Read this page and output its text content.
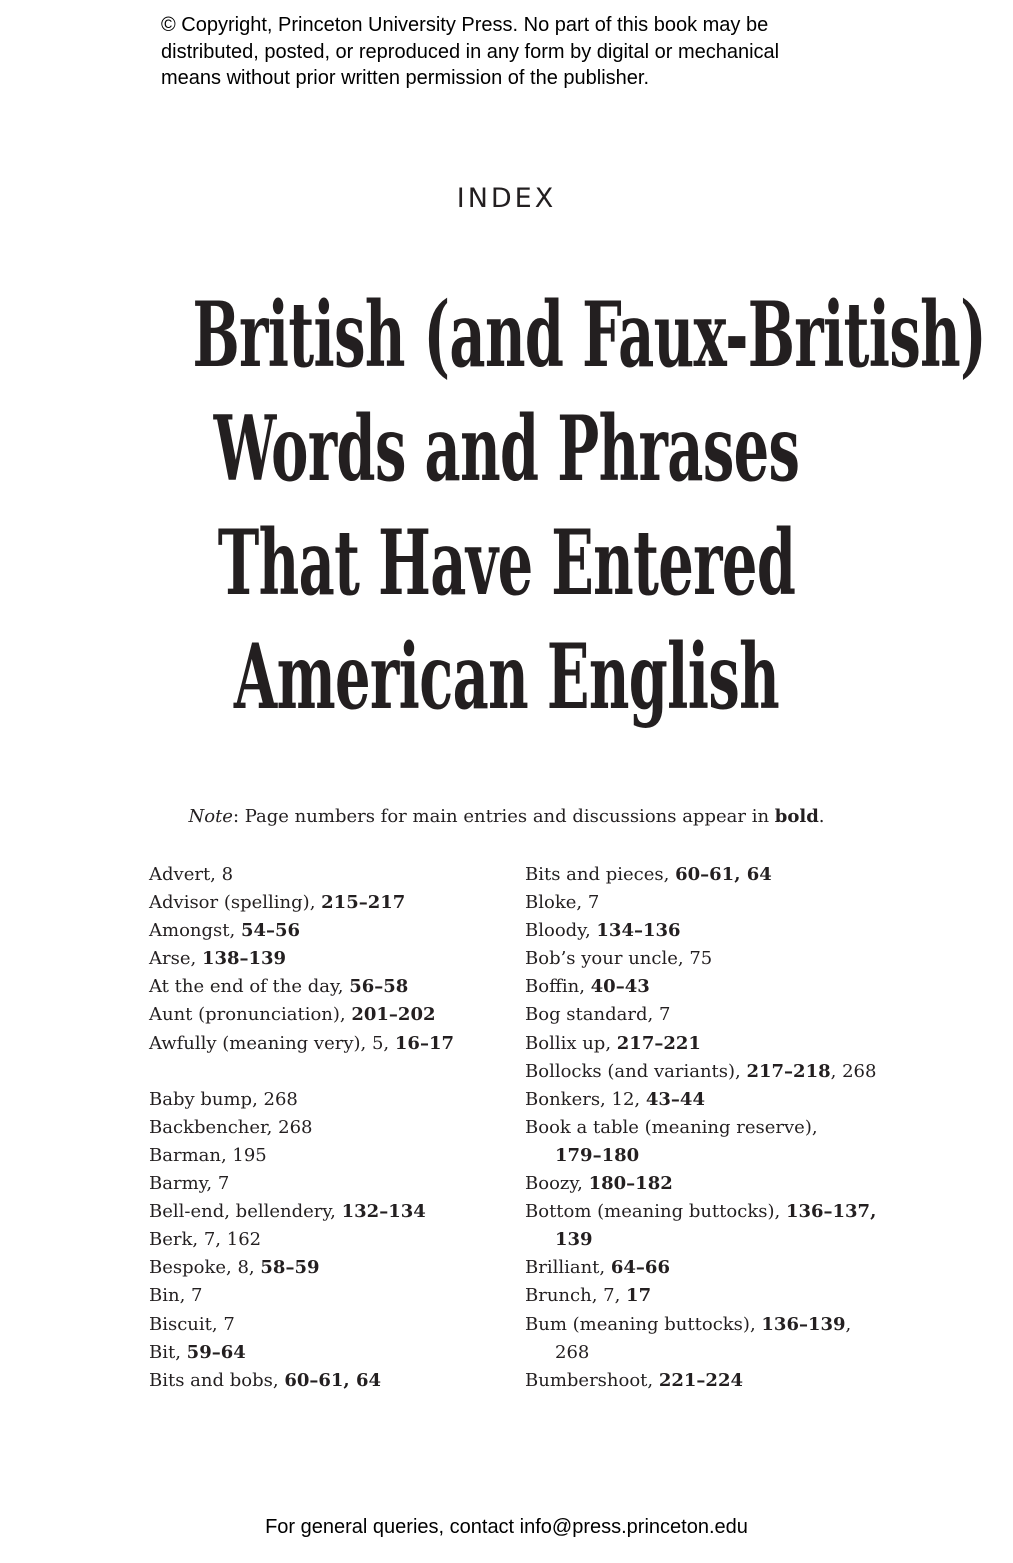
© Copyright, Princeton University Press. No part of this book may be
distributed, posted, or reproduced in any form by digital or mechanical
means without prior written permission of the publisher.
INDEX
British (and Faux-British)
Words and Phrases
That Have Entered
American English
Note: Page numbers for main entries and discussions appear in bold.
Advert, 8
Advisor (spelling), 215–217
Amongst, 54–56
Arse, 138–139
At the end of the day, 56–58
Aunt (pronunciation), 201–202
Awfully (meaning very), 5, 16–17
Baby bump, 268
Backbencher, 268
Barman, 195
Barmy, 7
Bell-end, bellendery, 132–134
Berk, 7, 162
Bespoke, 8, 58–59
Bin, 7
Biscuit, 7
Bit, 59–64
Bits and bobs, 60–61, 64
Bits and pieces, 60–61, 64
Bloke, 7
Bloody, 134–136
Bob’s your uncle, 75
Boffin, 40–43
Bog standard, 7
Bollix up, 217–221
Bollocks (and variants), 217–218, 268
Bonkers, 12, 43–44
Book a table (meaning reserve),
179–180
Boozy, 180–182
Bottom (meaning buttocks), 136–137,
139
Brilliant, 64–66
Brunch, 7, 17
Bum (meaning buttocks), 136–139,
268
Bumbershoot, 221–224
For general queries, contact info@press.princeton.edu
